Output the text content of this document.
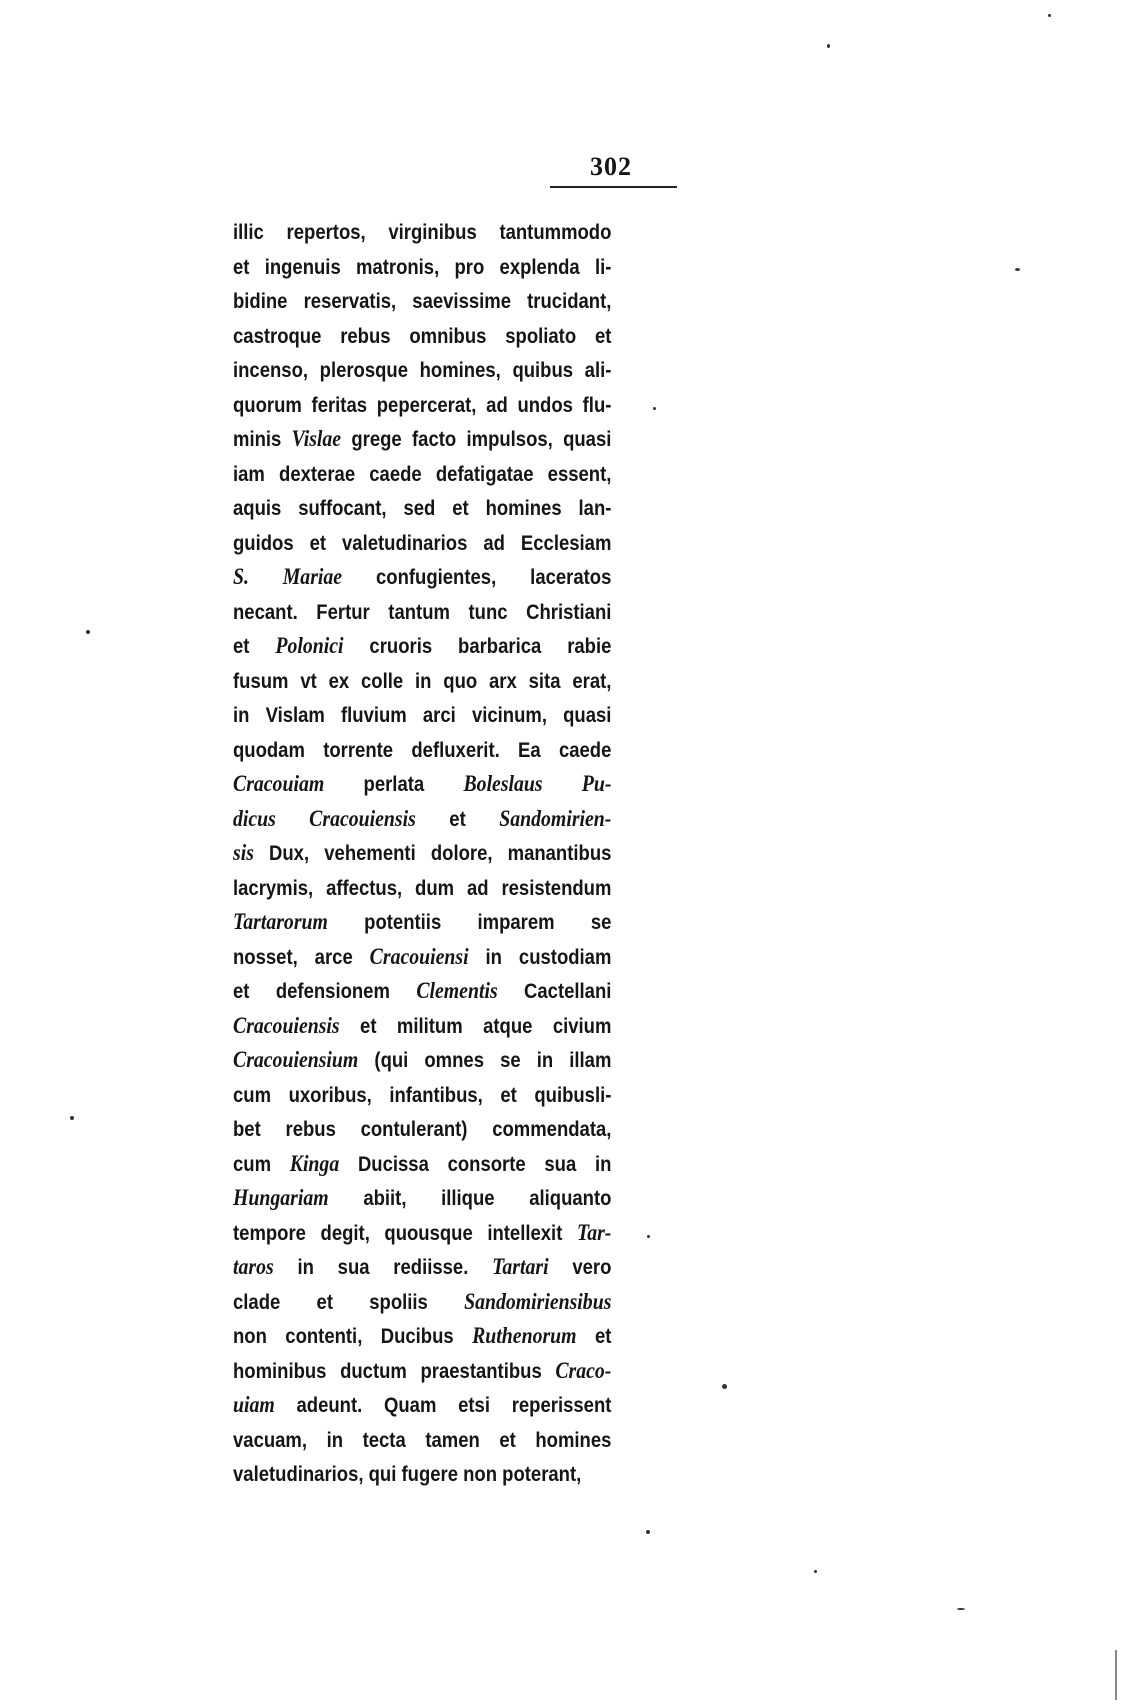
302
illic repertos, virginibus tantummodo
et ingenuis matronis, pro explenda li-
bidine reservatis, saevissime trucidant,
castroque rebus omnibus spoliato et
incenso, plerosque homines, quibus ali-
quorum feritas pepercerat, ad undos flu-
minis Vislae grege facto impulsos, quasi
iam dexterae caede defatigatae essent,
aquis suffocant, sed et homines lan-
guidos et valetudinarios ad Ecclesiam
S. Mariae confugientes, laceratos
necant. Fertur tantum tunc Christiani
et Polonici cruoris barbarica rabie
fusum vt ex colle in quo arx sita erat,
in Vislam fluvium arci vicinum, quasi
quodam torrente defluxerit. Ea caede
Cracouiam perlata Boleslaus Pu-
dicus Cracouiensis et Sandomirien-
sis Dux, vehementi dolore, manantibus
lacrymis, affectus, dum ad resistendum
Tartarorum potentiis imparem se
nosset, arce Cracouiensi in custodiam
et defensionem Clementis Cactellani
Cracouiensis et militum atque civium
Cracouiensium (qui omnes se in illam
cum uxoribus, infantibus, et quibusli-
bet rebus contulerant) commendata,
cum Kinga Ducissa consorte sua in
Hungariam abiit, illique aliquanto
tempore degit, quousque intellexit Tar-
taros in sua rediisse. Tartari vero
clade et spoliis Sandomiriensibus
non contenti, Ducibus Ruthenorum et
hominibus ductum praestantibus Craco-
uiam adeunt. Quam etsi reperissent
vacuam, in tecta tamen et homines
valetudinarios, qui fugere non poterant,
